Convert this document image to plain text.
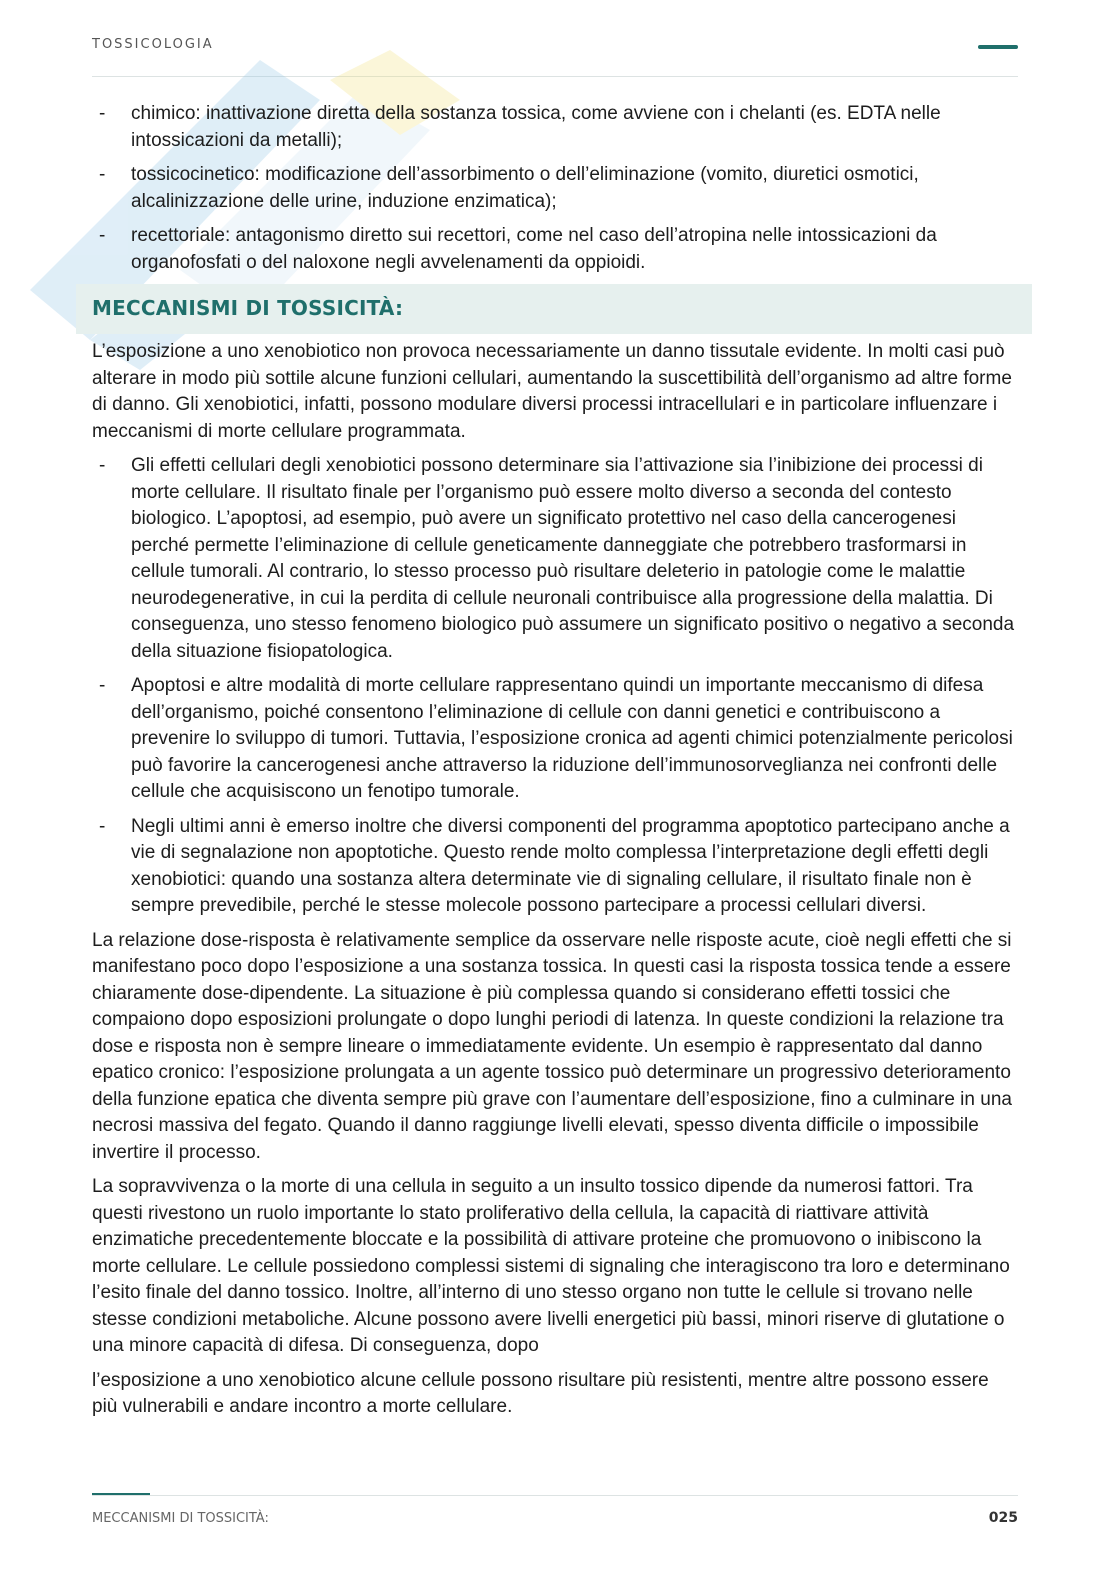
TOSSICOLOGIA
MECCANISMI DI TOSSICITÀ:
- chimico: inattivazione diretta della sostanza tossica, come avviene con i chelanti (es. EDTA nelle intossicazioni da metalli);
- tossicocinetico: modificazione dell’assorbimento o dell’eliminazione (vomito, diuretici osmotici, alcalinizzazione delle urine, induzione enzimatica);
- recettoriale: antagonismo diretto sui recettori, come nel caso dell’atropina nelle intossicazioni da organofosfati o del naloxone negli avvelenamenti da oppioidi.

L’esposizione a uno xenobiotico non provoca necessariamente un danno tissutale evidente. In molti casi può alterare in modo più sottile alcune funzioni cellulari, aumentando la suscettibilità dell’organismo ad altre forme di danno. Gli xenobiotici, infatti, possono modulare diversi processi intracellulari e in particolare influenzare i meccanismi di morte cellulare programmata.

- Gli effetti cellulari degli xenobiotici possono determinare sia l’attivazione sia l’inibizione dei processi di morte cellulare. Il risultato finale per l’organismo può essere molto diverso a seconda del contesto biologico. L’apoptosi, ad esempio, può avere un significato protettivo nel caso della cancerogenesi perché permette l’eliminazione di cellule geneticamente danneggiate che potrebbero trasformarsi in cellule tumorali. Al contrario, lo stesso processo può risultare deleterio in patologie come le malattie neurodegenerative, in cui la perdita di cellule neuronali contribuisce alla progressione della malattia. Di conseguenza, uno stesso fenomeno biologico può assumere un significato positivo o negativo a seconda della situazione fisiopatologica.
- Apoptosi e altre modalità di morte cellulare rappresentano quindi un importante meccanismo di difesa dell’organismo, poiché consentono l’eliminazione di cellule con danni genetici e contribuiscono a prevenire lo sviluppo di tumori. Tuttavia, l’esposizione cronica ad agenti chimici potenzialmente pericolosi può favorire la cancerogenesi anche attraverso la riduzione dell’immunosorveglianza nei confronti delle cellule che acquisiscono un fenotipo tumorale.
- Negli ultimi anni è emerso inoltre che diversi componenti del programma apoptotico partecipano anche a vie di segnalazione non apoptotiche. Questo rende molto complessa l’interpretazione degli effetti degli xenobiotici: quando una sostanza altera determinate vie di signaling cellulare, il risultato finale non è sempre prevedibile, perché le stesse molecole possono partecipare a processi cellulari diversi.

La relazione dose-risposta è relativamente semplice da osservare nelle risposte acute, cioè negli effetti che si manifestano poco dopo l’esposizione a una sostanza tossica. In questi casi la risposta tossica tende a essere chiaramente dose-dipendente. La situazione è più complessa quando si considerano effetti tossici che compaiono dopo esposizioni prolungate o dopo lunghi periodi di latenza. In queste condizioni la relazione tra dose e risposta non è sempre lineare o immediatamente evidente. Un esempio è rappresentato dal danno epatico cronico: l’esposizione prolungata a un agente tossico può determinare un progressivo deterioramento della funzione epatica che diventa sempre più grave con l’aumentare dell’esposizione, fino a culminare in una necrosi massiva del fegato. Quando il danno raggiunge livelli elevati, spesso diventa difficile o impossibile invertire il processo.

La sopravvivenza o la morte di una cellula in seguito a un insulto tossico dipende da numerosi fattori. Tra questi rivestono un ruolo importante lo stato proliferativo della cellula, la capacità di riattivare attività enzimatiche precedentemente bloccate e la possibilità di attivare proteine che promuovono o inibiscono la morte cellulare. Le cellule possiedono complessi sistemi di signaling che interagiscono tra loro e determinano l’esito finale del danno tossico. Inoltre, all’interno di uno stesso organo non tutte le cellule si trovano nelle stesse condizioni metaboliche. Alcune possono avere livelli energetici più bassi, minori riserve di glutatione o una minore capacità di difesa. Di conseguenza, dopo

l’esposizione a uno xenobiotico alcune cellule possono risultare più resistenti, mentre altre possono essere più vulnerabili e andare incontro a morte cellulare.

MECCANISMI DI TOSSICITÀ:	025
